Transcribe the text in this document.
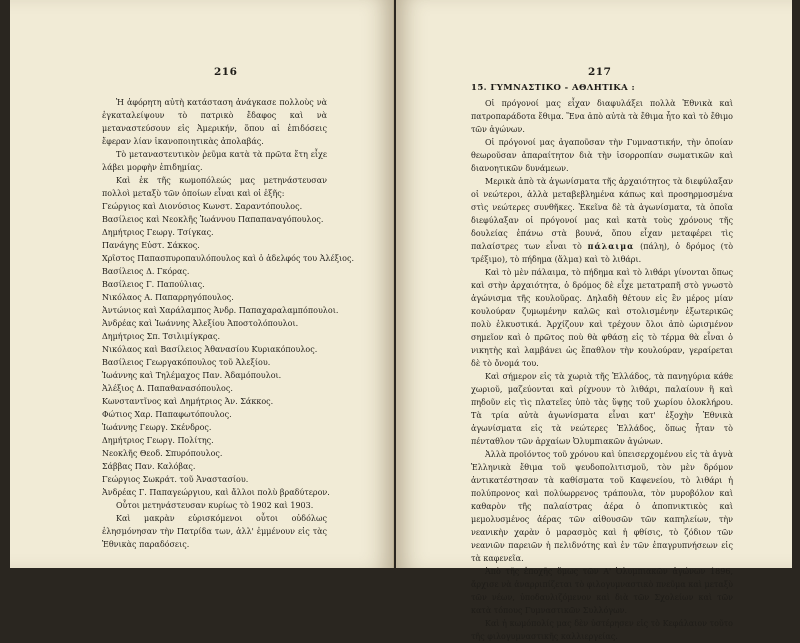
216

Ἡ ἀφόρητη αὐτὴ κατάσταση ἀνάγκασε πολλοὺς νὰ ἐγκαταλείψουν τὸ πατρικὸ ἔδαφος καὶ νὰ μεταναστεύσουν εἰς Ἀμερικήν, ὅπου αἱ ἐπιδόσεις ἔφεραν λίαν ἱκανοποιητικὰς ἀπολαβάς.

Τὸ μεταναστευτικὸν ῥεῦμα κατὰ τὰ πρῶτα ἔτη εἶχε λάβει μορφὴν ἐπιδημίας.

Καὶ ἐκ τῆς κωμοπόλεώς μας μετηνάστευσαν πολλοὶ μεταξὺ τῶν ὁποίων εἶναι καὶ οἱ ἑξῆς:

Γεώργιος καὶ Διονύσιος Κωνστ. Σαραντόπουλος.
Βασίλειος καὶ Νεοκλῆς Ἰωάννου Παπαπαναγόπουλος.
Δημήτριος Γεωργ. Τσίγκας.
Πανάγης Εὐστ. Σάκκος.
Χρῖστος Παπασπυροπαυλόπουλος καὶ ὁ ἀδελφός του Ἀλέξιος.
Βασίλειος Δ. Γκόρας.
Βασίλειος Γ. Παπούλιας.
Νικόλαος Α. Παπαρρηγόπουλος.
Ἀντώνιος καὶ Χαράλαμπος Ἀνδρ. Παπαχαραλαμπόπουλοι.
Ἀνδρέας καὶ Ἰωάννης Ἀλεξίου Ἀποστολόπουλοι.
Δημήτριος Σπ. Τσιλιμίγκρας.
Νικόλαος καὶ Βασίλειος Ἀθανασίου Κυριακόπουλος.
Βασίλειος Γεωργακόπουλος τοῦ Ἀλεξίου.
Ἰωάννης καὶ Τηλέμαχος Παν. Ἀδαμόπουλοι.
Ἀλέξιος Δ. Παπαθανασόπουλος.
Κωνσταντῖνος καὶ Δημήτριος Ἀν. Σάκκος.
Φώτιος Χαρ. Παπαφωτόπουλος.
Ἰωάννης Γεωργ. Σκένδρος.
Δημήτριος Γεωργ. Πολίτης.
Νεοκλῆς Θεοδ. Σπυρόπουλος.
Σάββας Παν. Καλόβας.
Γεώργιος Σωκράτ. τοῦ Ἀναστασίου.
Ἀνδρέας Γ. Παπαγεώργιου, καὶ ἄλλοι πολὺ βραδύτερον.

Οὗτοι μετηνάστευσαν κυρίως τὸ 1902 καὶ 1903.

Καὶ μακρὰν εὑρισκόμενοι οὗτοι οὐδόλως ἐλησμόνησαν τὴν Πατρίδα των, ἀλλ' ἐμμένουν εἰς τὰς Ἐθνικὰς παραδόσεις.

217
15. ΓΥΜΝΑΣΤΙΚΟ - ΑΘΛΗΤΙΚΑ :

Οἱ πρόγονοί μας εἶχαν διαφυλάξει πολλὰ Ἐθνικὰ καὶ πατροπαράδοτα ἔθιμα. Ἕνα ἀπὸ αὐτὰ τὰ ἔθιμα ἦτο καὶ τὸ ἔθιμο τῶν ἀγώνων.

Οἱ πρόγονοί μας ἀγαποῦσαν τὴν Γυμναστικήν, τὴν ὁποίαν θεωροῦσαν ἀπαραίτητον διὰ τὴν ἰσορροπίαν σωματικῶν καὶ διανοητικῶν δυνάμεων.

Μερικὰ ἀπὸ τὰ ἀγωνίσματα τῆς ἀρχαιότητος τὰ διεφύλαξαν οἱ νεώτεροι, ἀλλὰ μεταβεβλημένα κάπως καὶ προσηρμοσμένα στὶς νεώτερες συνθῆκες. Ἐκεῖνα δὲ τὰ ἀγωνίσματα, τὰ ὁποῖα διεφύλαξαν οἱ πρόγονοί μας καὶ κατὰ τοὺς χρόνους τῆς δουλείας ἐπάνω στὰ βουνά, ὅπου εἶχαν μεταφέρει τὶς παλαίστρες των εἶναι τὸ πάλαιμα (πάλη), ὁ δρόμος (τὸ τρέξιμο), τὸ πήδημα (ἅλμα) καὶ τὸ λιθάρι.

Καὶ τὸ μὲν πάλαιμα, τὸ πήδημα καὶ τὸ λιθάρι γίνονται ὅπως καὶ στὴν ἀρχαιότητα, ὁ δρόμος δὲ εἶχε μετατραπῆ στὸ γνωστὸ ἀγώνισμα τῆς κουλοῦρας. Δηλαδὴ θέτουν εἰς ἓν μέρος μίαν κουλούραν ζυμωμένην καλῶς καὶ στολισμένην ἐξωτερικῶς πολὺ ἐλκυστικά. Ἀρχίζουν καὶ τρέχουν ὅλοι ἀπὸ ὡρισμένον σημεῖον καὶ ὁ πρῶτος ποὺ θὰ φθάσῃ εἰς τὸ τέρμα θὰ εἶναι ὁ νικητὴς καὶ λαμβάνει ὡς ἔπαθλον τὴν κουλούραν, γεραίρεται δὲ τὸ ὄνομά του.

Καὶ σήμερον εἰς τὰ χωριὰ τῆς Ἑλλάδος, τὰ πανηγύρια κάθε χωριοῦ, μαζεύονται καὶ ρίχνουν τὸ λιθάρι, παλαίουν ἢ καὶ πηδοῦν εἰς τὶς πλατεῖες ὑπὸ τὰς ὕψῃς τοῦ χωρίου ὁλοκλήρου. Τὰ τρία αὐτὰ ἀγωνίσματα εἶναι κατ' ἐξοχὴν Ἐθνικὰ ἀγωνίσματα εἰς τὰ νεώτερες Ἑλλάδος, ὅπως ἦταν τὸ πένταθλον τῶν ἀρχαίων Ὀλυμπιακῶν ἀγώνων.

Ἀλλὰ προϊόντος τοῦ χρόνου καὶ ὑπεισερχομένου εἰς τὰ ἁγνὰ Ἑλληνικὰ ἔθιμα τοῦ ψευδοπολιτισμοῦ, τὸν μὲν δρόμον ἀντικατέστησαν τὰ καθίσματα τοῦ Καφενείου, τὸ λιθάρι ἡ πολύπρονος καὶ πολύωρρενος τράπουλα, τὸν μυροβόλον καὶ καθαρὸν τῆς παλαίστρας ἀέρα ὁ ἀποπνικτικὸς καὶ μεμολυσμένος ἀέρας τῶν αἰθουσῶν τῶν καπηλείων, τὴν νεανικὴν χαρὰν ὁ μαρασμὸς καὶ ἡ φθίσις, τὸ ζόδιον τῶν νεανιῶν παρειῶν ἡ πελιδνότης καὶ ἐν τῶν ἐπαγρυπνήσεων εἰς τὰ καφενεῖα.

Ἀπὸ τῆς ἐποχῆς ὅμως τῶν Α' Ὀλυμπιακῶν ἀγώνων 1896, ἄρχισε νὰ ἀναρριπίζεται τὸ φιλογυμναστικὸ πνεῦμα καὶ μεταξὺ τῶν νέων, ὑποδαυλιζόμενον καὶ διὰ τῶν Σχολείων καὶ τῶν κατὰ τόπους Γυμναστικῶν Συλλόγων.

Καὶ ἡ κωμόπολίς μας δὲν ὑστέρησεν εἰς τὸ Κεφάλαιον τοῦτο τῆς φιλογυμναστικῆς καλλιεργείας.
